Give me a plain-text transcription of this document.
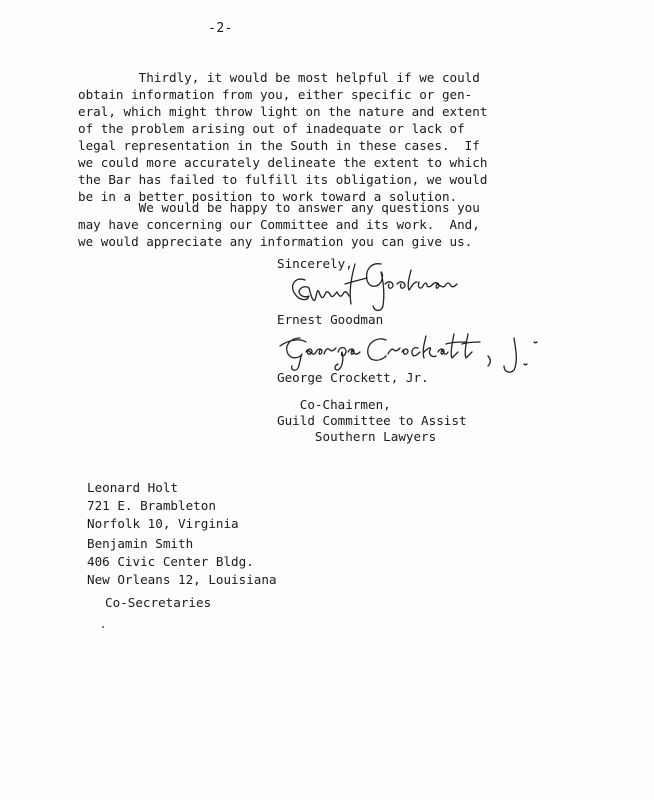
-2-
Thirdly, it would be most helpful if we could
obtain information from you, either specific or gen-
eral, which might throw light on the nature and extent
of the problem arising out of inadequate or lack of
legal representation in the South in these cases.  If
we could more accurately delineate the extent to which
the Bar has failed to fulfill its obligation, we would
be in a better position to work toward a solution.
We would be happy to answer any questions you
may have concerning our Committee and its work.  And,
we would appreciate any information you can give us.
Sincerely,
Ernest Goodman
George Crockett, Jr.
Co-Chairmen,
Guild Committee to Assist
Southern Lawyers
Leonard Holt
721 E. Brambleton
Norfolk 10, Virginia
Benjamin Smith
406 Civic Center Bldg.
New Orleans 12, Louisiana
Co-Secretaries
